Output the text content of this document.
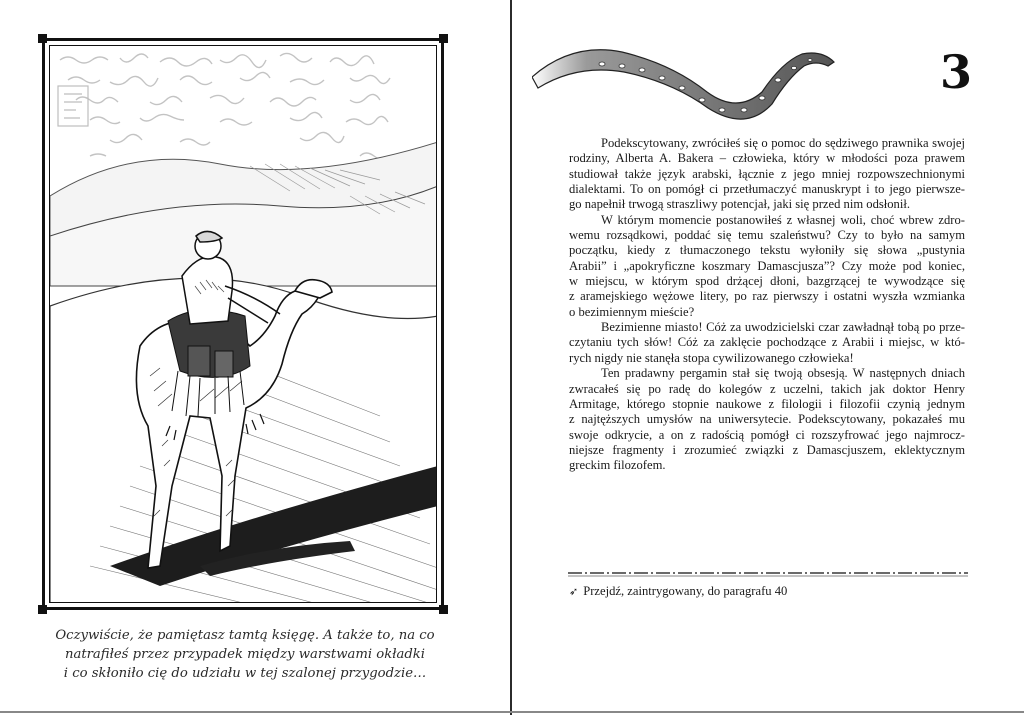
Oczywiście, że pamiętasz tamtą księgę. A także to, na co
natrafiłeś przez przypadek między warstwami okładki
i co skłoniło cię do udziału w tej szalonej przygodzie…
3

Podekscytowany, zwróciłeś się o pomoc do sędziwego prawnika swojej
rodziny, Alberta A. Bakera – człowieka, który w młodości poza prawem
studiował także język arabski, łącznie z jego mniej rozpowszechnionymi
dialektami. To on pomógł ci przetłumaczyć manuskrypt i to jego pierwsze-
go napełnił trwogą straszliwy potencjał, jaki się przed nim odsłonił.

W którym momencie postanowiłeś z własnej woli, choć wbrew zdro-
wemu rozsądkowi, poddać się temu szaleństwu? Czy to było na samym
początku, kiedy z tłumaczonego tekstu wyłoniły się słowa „pustynia
Arabii” i „apokryficzne koszmary Damascjusza”? Czy może pod koniec,
w miejscu, w którym spod drżącej dłoni, bazgrzącej te wywodzące się
z aramejskiego wężowe litery, po raz pierwszy i ostatni wyszła wzmianka
o bezimiennym mieście?

Bezimienne miasto! Cóż za uwodzicielski czar zawładnął tobą po prze-
czytaniu tych słów! Cóż za zaklęcie pochodzące z Arabii i miejsc, w któ-
rych nigdy nie stanęła stopa cywilizowanego człowieka!

Ten pradawny pergamin stał się twoją obsesją. W następnych dniach
zwracałeś się po radę do kolegów z uczelni, takich jak doktor Henry
Armitage, którego stopnie naukowe z filologii i filozofii czynią jednym
z najtęższych umysłów na uniwersytecie. Podekscytowany, pokazałeś mu
swoje odkrycie, a on z radością pomógł ci rozszyfrować jego najmrocz-
niejsze fragmenty i zrozumieć związki z Damascjuszem, eklektycznym
greckim filozofem.

➶ Przejdź, zaintrygowany, do paragrafu 40
